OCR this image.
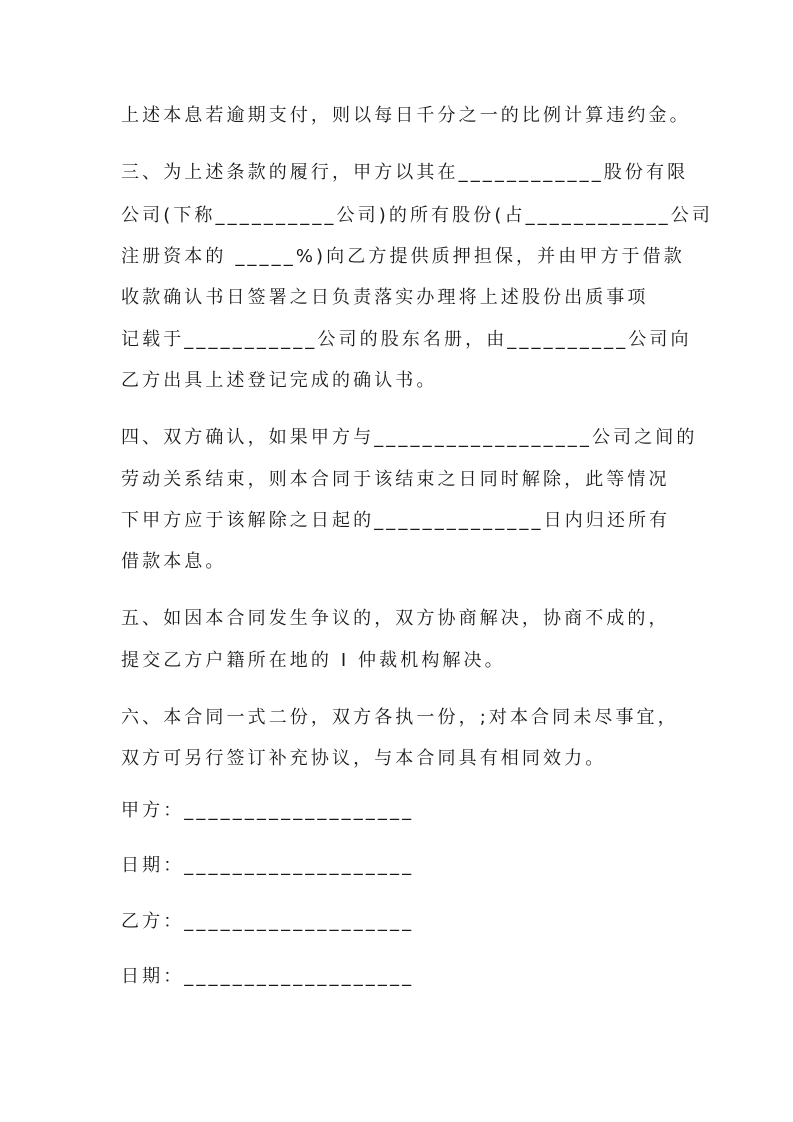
上述本息若逾期支付，则以每日千分之一的比例计算违约金。
三、为上述条款的履行，甲方以其在____________股份有限
公司(下称__________公司)的所有股份(占____________公司
注册资本的 _____%)向乙方提供质押担保，并由甲方于借款
收款确认书日签署之日负责落实办理将上述股份出质事项
记载于___________公司的股东名册，由__________公司向
乙方出具上述登记完成的确认书。
四、双方确认，如果甲方与__________________公司之间的
劳动关系结束，则本合同于该结束之日同时解除，此等情况
下甲方应于该解除之日起的______________日内归还所有
借款本息。
五、如因本合同发生争议的，双方协商解决，协商不成的，
提交乙方户籍所在地的 I 仲裁机构解决。
六、本合同一式二份，双方各执一份，;对本合同未尽事宜，
双方可另行签订补充协议，与本合同具有相同效力。
甲方：___________________
日期：___________________
乙方：___________________
日期：___________________
